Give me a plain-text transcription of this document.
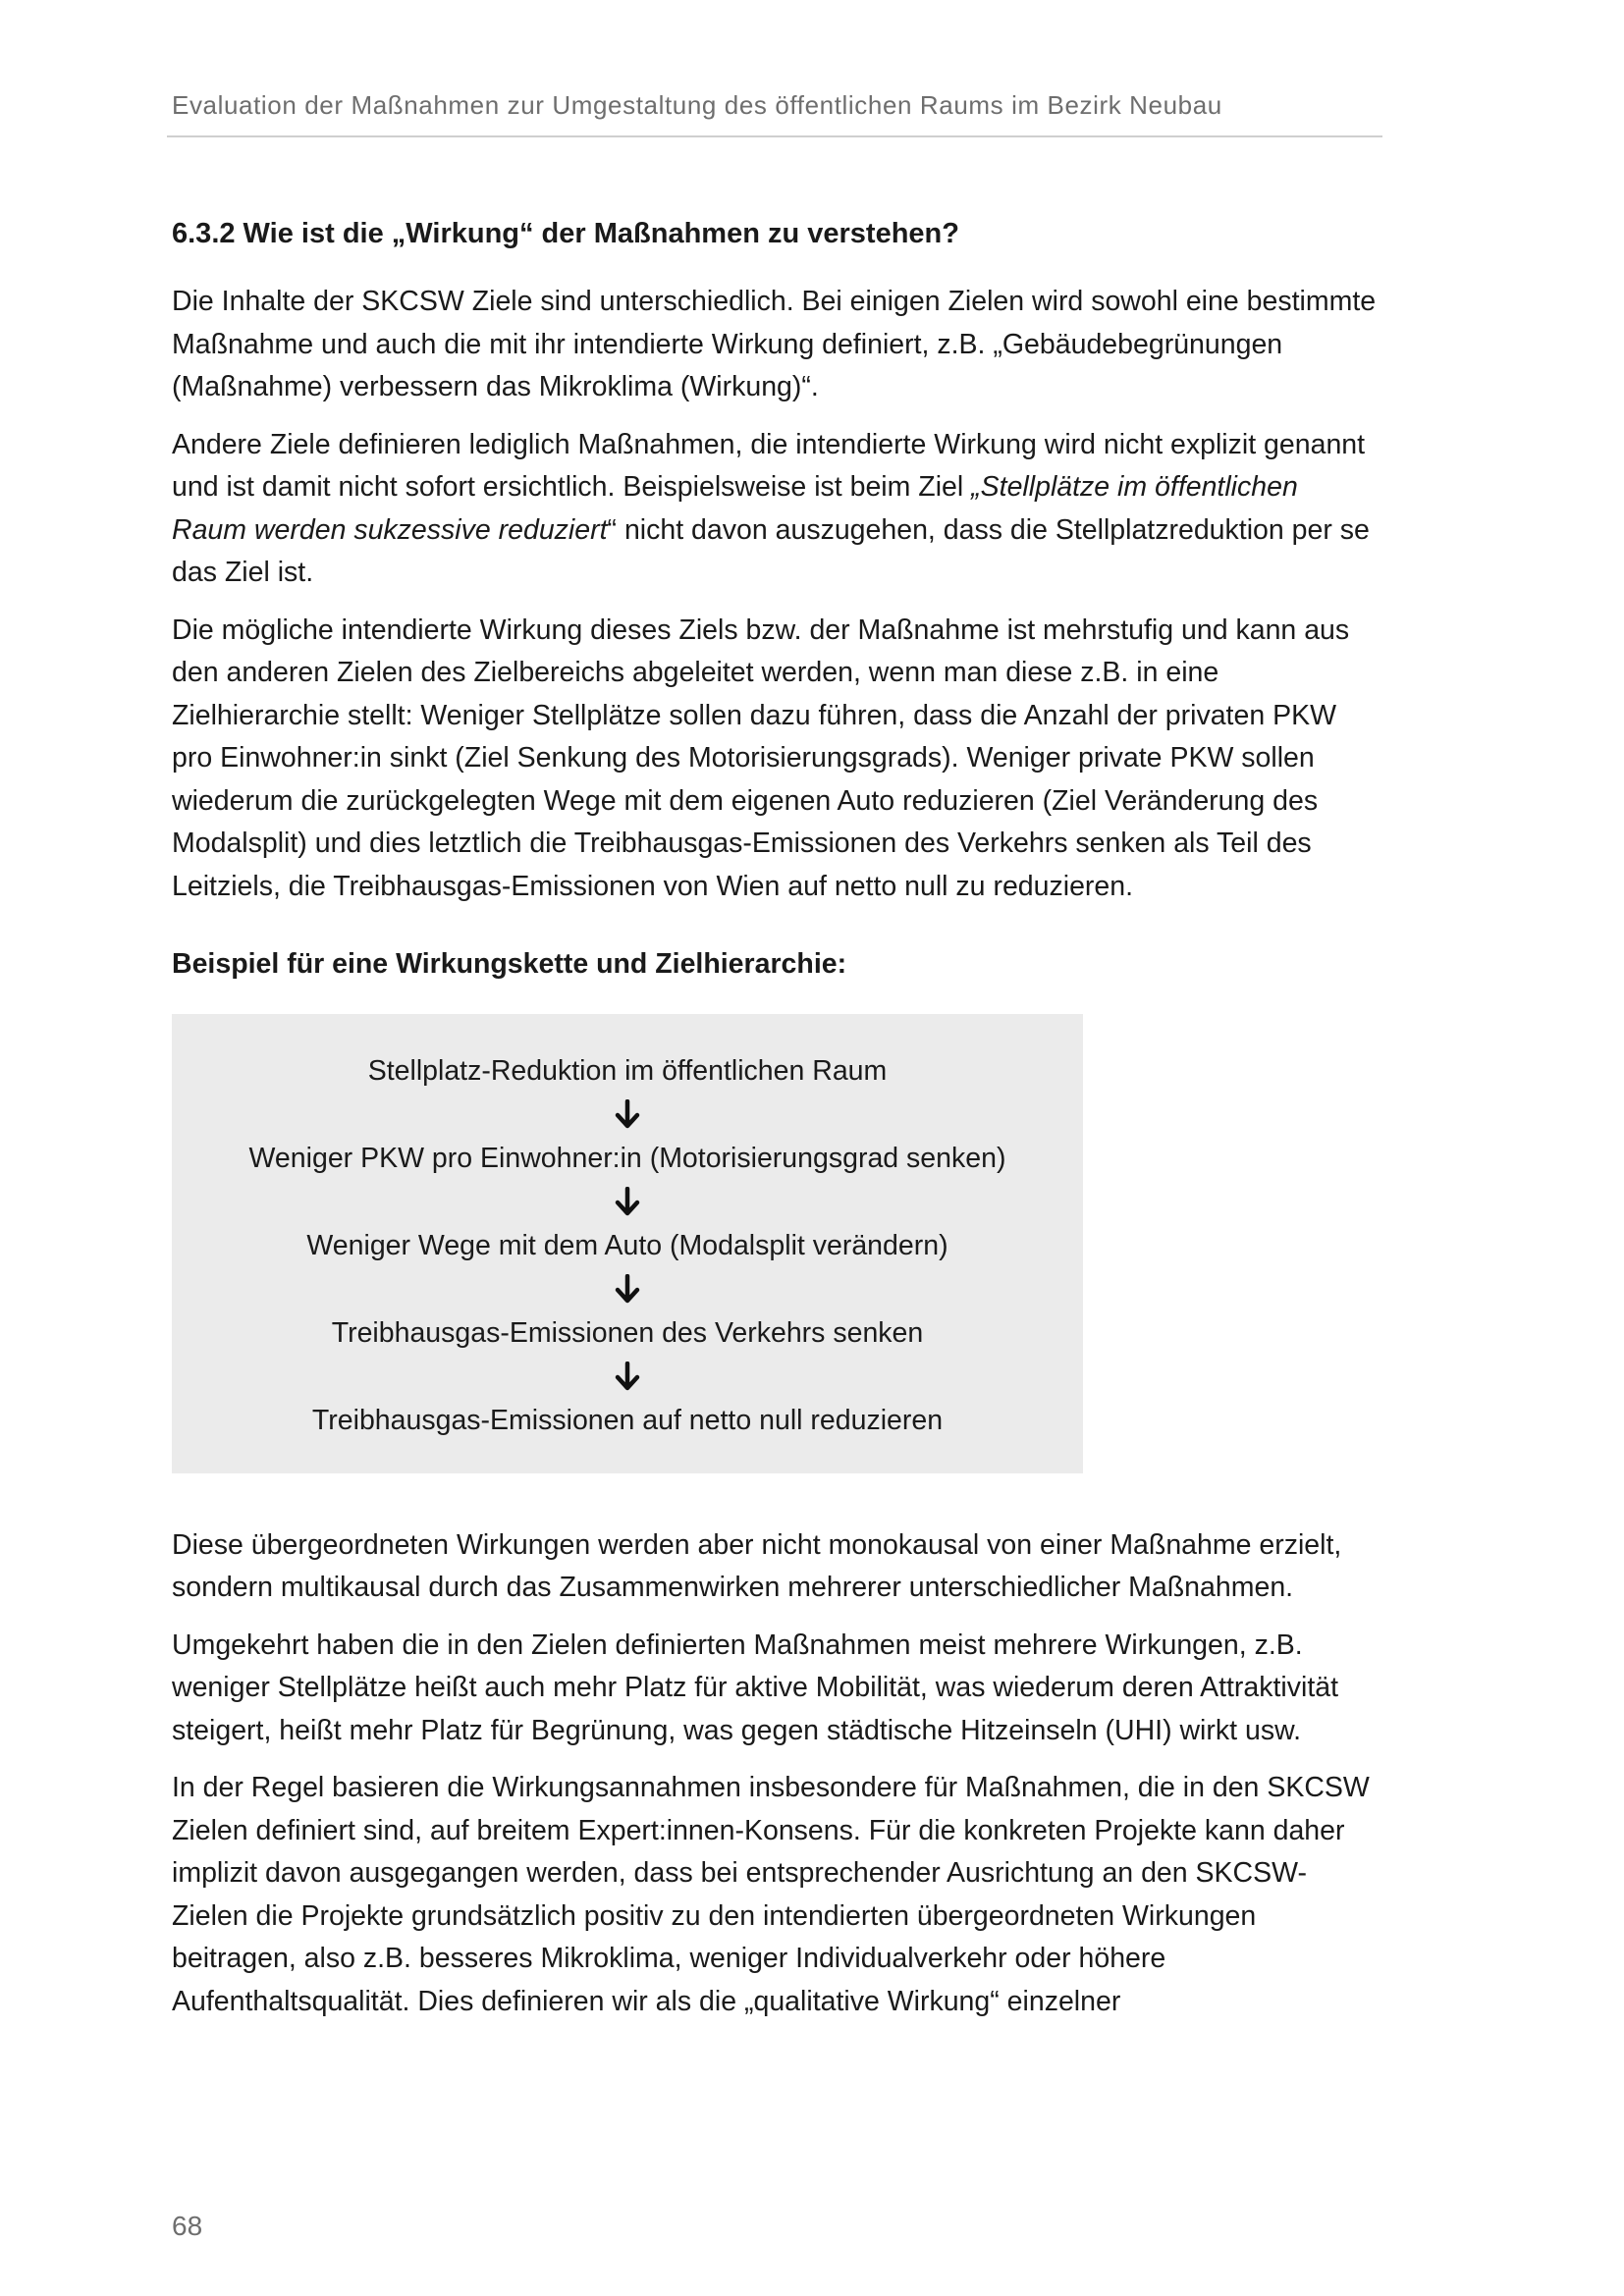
Evaluation der Maßnahmen zur Umgestaltung des öffentlichen Raums im Bezirk Neubau
6.3.2 Wie ist die „Wirkung“ der Maßnahmen zu verstehen?

Die Inhalte der SKCSW Ziele sind unterschiedlich. Bei einigen Zielen wird sowohl eine bestimmte Maßnahme und auch die mit ihr intendierte Wirkung definiert, z.B. „Gebäudebegrünungen (Maßnahme) verbessern das Mikroklima (Wirkung)“.

Andere Ziele definieren lediglich Maßnahmen, die intendierte Wirkung wird nicht explizit genannt und ist damit nicht sofort ersichtlich. Beispielsweise ist beim Ziel „Stellplätze im öffentlichen Raum werden sukzessive reduziert“ nicht davon auszugehen, dass die Stellplatzreduktion per se das Ziel ist.

Die mögliche intendierte Wirkung dieses Ziels bzw. der Maßnahme ist mehrstufig und kann aus den anderen Zielen des Zielbereichs abgeleitet werden, wenn man diese z.B. in eine Zielhierarchie stellt: Weniger Stellplätze sollen dazu führen, dass die Anzahl der privaten PKW pro Einwohner:in sinkt (Ziel Senkung des Motorisierungsgrads). Weniger private PKW sollen wiederum die zurückgelegten Wege mit dem eigenen Auto reduzieren (Ziel Veränderung des Modalsplit) und dies letztlich die Treibhausgas-Emissionen des Verkehrs senken als Teil des Leitziels, die Treibhausgas-Emissionen von Wien auf netto null zu reduzieren.

Beispiel für eine Wirkungskette und Zielhierarchie:
Stellplatz-Reduktion im öffentlichen Raum
Weniger PKW pro Einwohner:in (Motorisierungsgrad senken)
Weniger Wege mit dem Auto (Modalsplit verändern)
Treibhausgas-Emissionen des Verkehrs senken
Treibhausgas-Emissionen auf netto null reduzieren

Diese übergeordneten Wirkungen werden aber nicht monokausal von einer Maßnahme erzielt, sondern multikausal durch das Zusammenwirken mehrerer unterschiedlicher Maßnahmen.

Umgekehrt haben die in den Zielen definierten Maßnahmen meist mehrere Wirkungen, z.B. weniger Stellplätze heißt auch mehr Platz für aktive Mobilität, was wiederum deren Attraktivität steigert, heißt mehr Platz für Begrünung, was gegen städtische Hitzeinseln (UHI) wirkt usw.

In der Regel basieren die Wirkungsannahmen insbesondere für Maßnahmen, die in den SKCSW Zielen definiert sind, auf breitem Expert:innen-Konsens. Für die konkreten Projekte kann daher implizit davon ausgegangen werden, dass bei entsprechender Ausrichtung an den SKCSW-Zielen die Projekte grundsätzlich positiv zu den intendierten übergeordneten Wirkungen beitragen, also z.B. besseres Mikroklima, weniger Individualverkehr oder höhere Aufenthaltsqualität. Dies definieren wir als die „qualitative Wirkung“ einzelner

68
